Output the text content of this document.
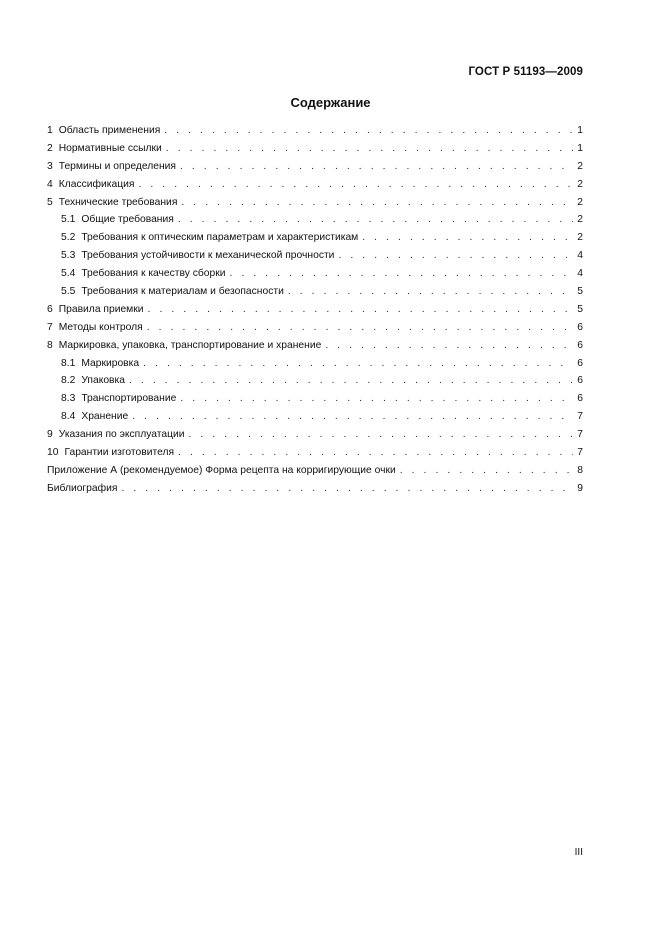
ГОСТ Р 51193—2009
Содержание
1 Область применения . . .	1
2 Нормативные ссылки . . .	1
3 Термины и определения . . .	2
4 Классификация . . .	2
5 Технические требования . . .	2
5.1 Общие требования . . .	2
5.2 Требования к оптическим параметрам и характеристикам . . .	2
5.3 Требования устойчивости к механической прочности . . .	4
5.4 Требования к качеству сборки . . .	4
5.5 Требования к материалам и безопасности . . .	5
6 Правила приемки . . .	5
7 Методы контроля . . .	6
8 Маркировка, упаковка, транспортирование и хранение . . .	6
8.1 Маркировка . . .	6
8.2 Упаковка . . .	6
8.3 Транспортирование . . .	6
8.4 Хранение . . .	7
9 Указания по эксплуатации . . .	7
10 Гарантии изготовителя . . .	7
Приложение А (рекомендуемое) Форма рецепта на корригирующие очки . . .	8
Библиография . . .	9
III
